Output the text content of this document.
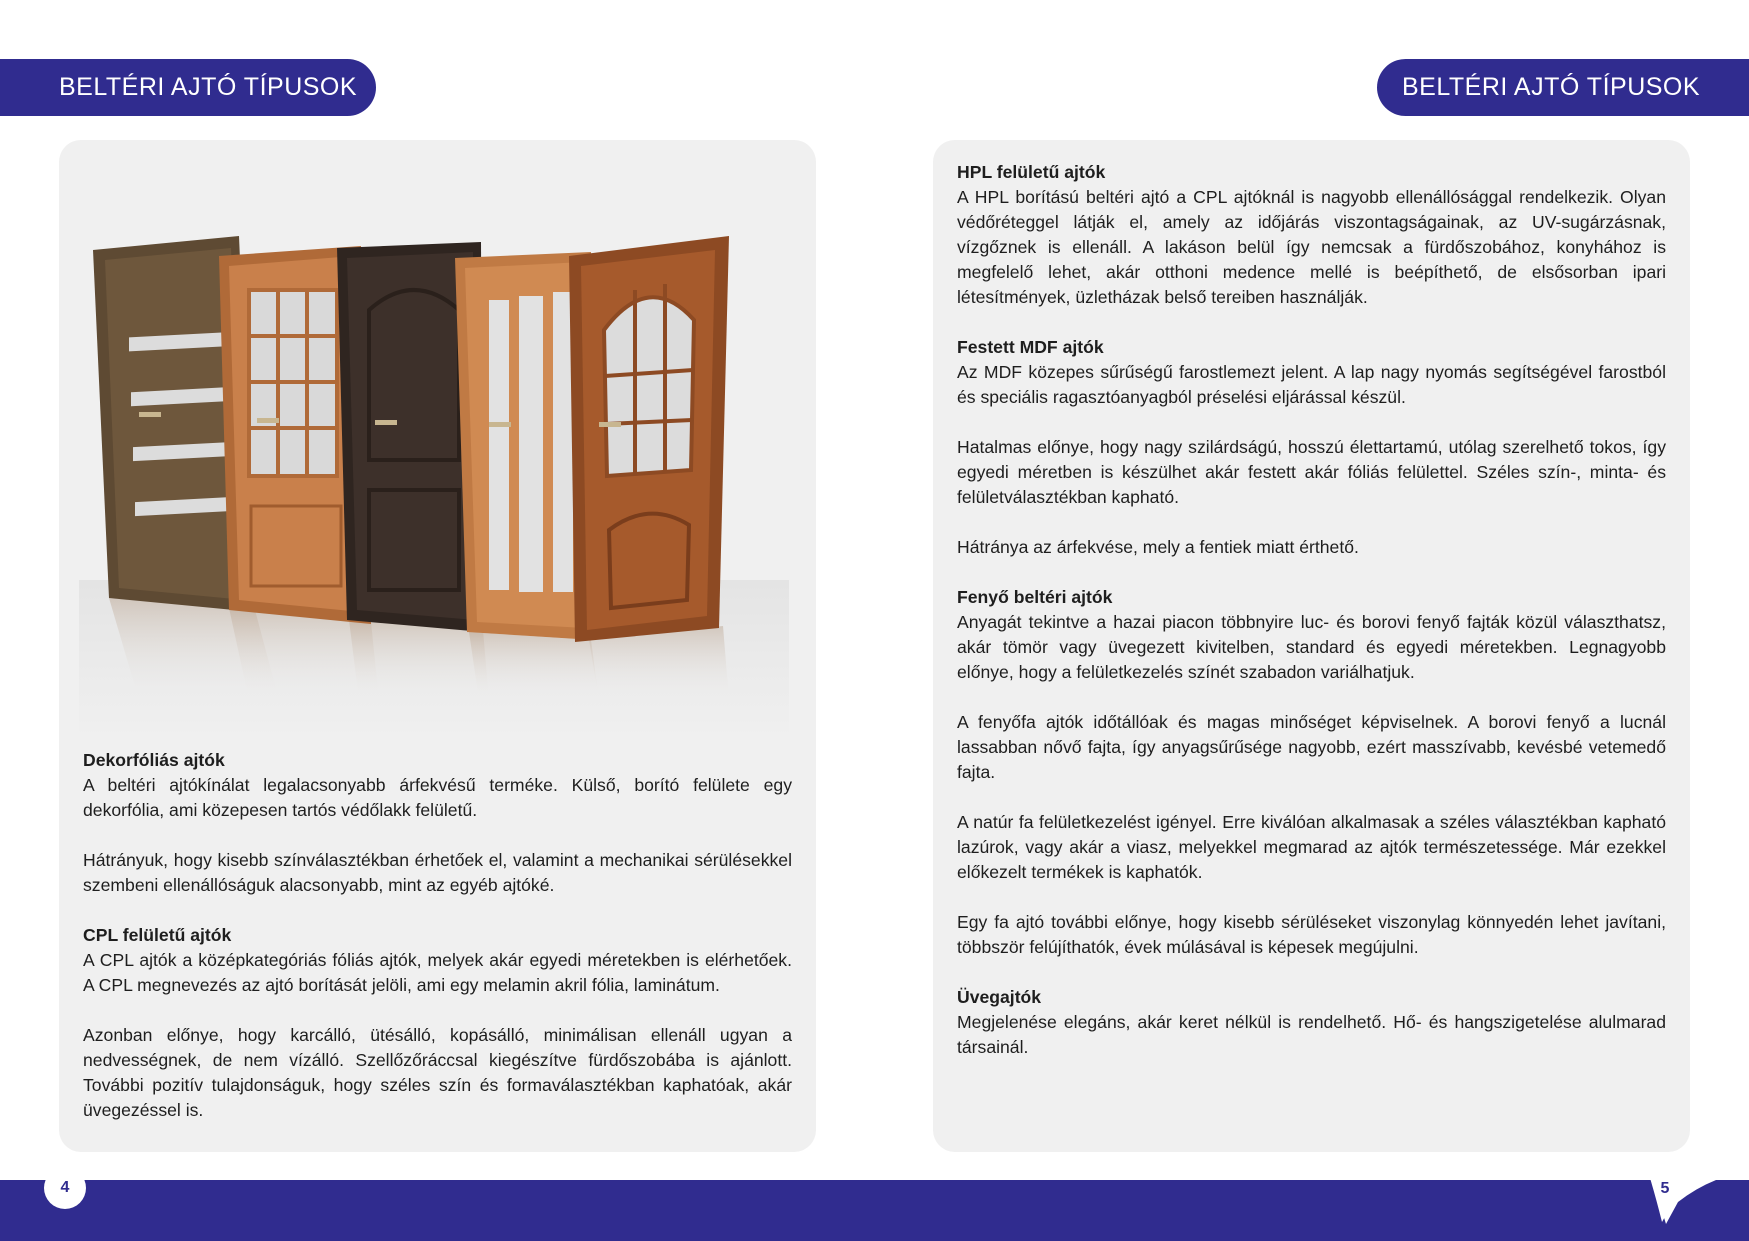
BELTÉRI AJTÓ TÍPUSOK	BELTÉRI AJTÓ TÍPUSOK
Dekorfóliás ajtók

A beltéri ajtókínálat legalacsonyabb árfekvésű terméke. Külső, borító felülete egy dekorfólia, ami közepesen tartós védőlakk felületű.

Hátrányuk, hogy kisebb színválasztékban érhetőek el, valamint a mechanikai sérülésekkel szembeni ellenállóságuk alacsonyabb, mint az egyéb ajtóké.

CPL felületű ajtók

A CPL ajtók a középkategóriás fóliás ajtók, melyek akár egyedi méretekben is elérhetőek. A CPL megnevezés az ajtó borítását jelöli, ami egy melamin akril fólia, laminátum.

Azonban előnye, hogy karcálló, ütésálló, kopásálló, minimálisan ellenáll ugyan a nedvességnek, de nem vízálló. Szellőzőráccsal kiegészítve fürdőszobába is ajánlott. További pozitív tulajdonságuk, hogy széles szín és formaválasztékban kaphatóak, akár üvegezéssel is.

HPL felületű ajtók

A HPL borítású beltéri ajtó a CPL ajtóknál is nagyobb ellenállósággal rendelkezik. Olyan védőréteggel látják el, amely az időjárás viszontagságainak, az UV-sugárzásnak, vízgőznek is ellenáll. A lakáson belül így nemcsak a fürdőszobához, konyhához is megfelelő lehet, akár otthoni medence mellé is beépíthető, de elsősorban ipari létesítmények, üzletházak belső tereiben használják.

Festett MDF ajtók

Az MDF közepes sűrűségű farostlemezt jelent. A lap nagy nyomás segítségével farostból és speciális ragasztóanyagból préselési eljárással készül.

Hatalmas előnye, hogy nagy szilárdságú, hosszú élettartamú, utólag szerelhető tokos, így egyedi méretben is készülhet akár festett akár fóliás felülettel. Széles szín-, minta- és felületválasztékban kapható.

Hátránya az árfekvése, mely a fentiek miatt érthető.

Fenyő beltéri ajtók

Anyagát tekintve a hazai piacon többnyire luc- és borovi fenyő fajták közül választhatsz, akár tömör vagy üvegezett kivitelben, standard és egyedi méretekben. Legnagyobb előnye, hogy a felületkezelés színét szabadon variálhatjuk.

A fenyőfa ajtók időtállóak és magas minőséget képviselnek. A borovi fenyő a lucnál lassabban nővő fajta, így anyagsűrűsége nagyobb, ezért masszívabb, kevésbé vetemedő fajta.

A natúr fa felületkezelést igényel. Erre kiválóan alkalmasak a széles választékban kapható lazúrok, vagy akár a viasz, melyekkel megmarad az ajtók természetessége. Már ezekkel előkezelt termékek is kaphatók.

Egy fa ajtó további előnye, hogy kisebb sérüléseket viszonylag könnyedén lehet javítani, többször felújíthatók, évek múlásával is képesek megújulni.

Üvegajtók

Megjelenése elegáns, akár keret nélkül is rendelhető. Hő- és hangszigetelése alulmarad társainál.

4	5
